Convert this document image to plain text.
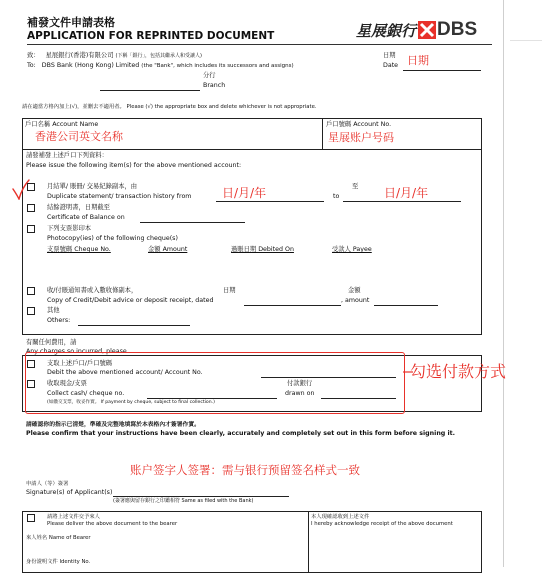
補發文件申請表格
APPLICATION FOR REPRINTED DOCUMENT	星展銀行 DBS
致： 星展銀行(香港)有限公司 (下稱「銀行」，包括其繼承人和受讓人)
To: DBS Bank (Hong Kong) Limited (the "Bank", which includes its successors and assigns)
分行
Branch
日期
Date 日期
請在適當方格內加上(√)，並刪去不適用者。 Please (√) the appropriate box and delete whichever is not appropriate.
戶口名稱 Account Name	戶口號碼 Account No.
香港公司英文名称	星展账户号码
請發補發上述戶口下列資料：
Please issue the following item(s) for the above mentioned account:
月結單/ 賬冊/ 交易紀錄副本，由
Duplicate statement/ transaction history from	日/月/年	至
to	日/月/年
結餘證明書，日期截至
Certificate of Balance on
下列支票影印本
Photocopy(ies) of the following cheque(s)
支票號碼 Cheque No.	金額 Amount	過賬日期 Debited On	受款人 Payee
收/付賬通知書或入數收條副本，	日期	金額
Copy of Credit/Debit advice or deposit receipt, dated	, amount
其他
Others:
有關任何費用，請
Any charges so incurred, please
勾选付款方式
支取上述戶口/戶口號碼
Debit the above mentioned account/ Account No.
收取現金/支票	付款銀行
Collect cash/ cheque no.	drawn on
(如繳交支票，收妥作實。 If payment by cheque, subject to final collection.)
請確認你的指示已清楚，準確及完整地填寫於本表格內才簽署作實。
Please confirm that your instructions have been clearly, accurately and completely set out in this form before signing it.
账户签字人签署：需与银行预留签名样式一致
申請人（等）簽署
Signature(s) of Applicant(s)
(簽署應與留存銀行之印鑑相符 Same as filed with the Bank)
請將上述文件交予來人
Please deliver the above document to the bearer
來人姓名 Name of Bearer
身份證明文件 Identity No.
本人現確認收到上述文件
I hereby acknowledge receipt of the above document
